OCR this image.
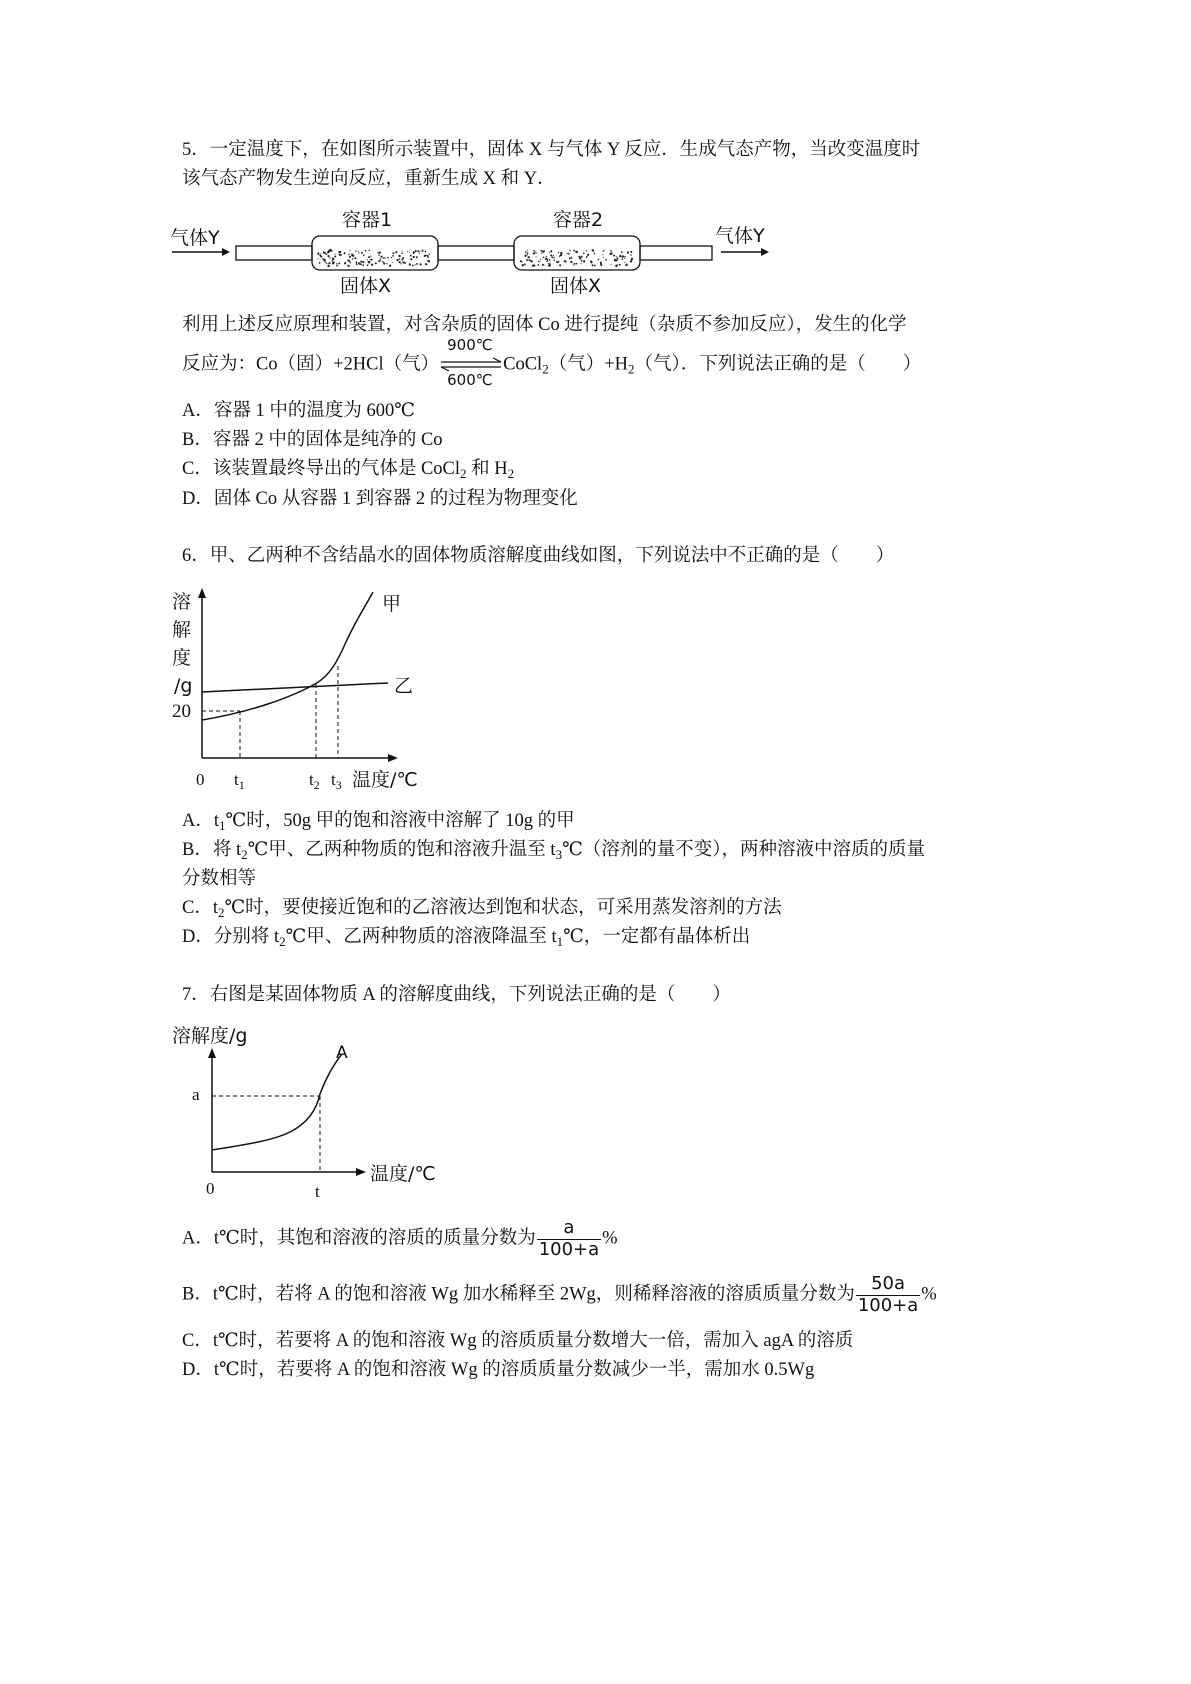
5．一定温度下，在如图所示装置中，固体 X 与气体 Y 反应．生成气态产物，当改变温度时
该气态产物发生逆向反应，重新生成 X 和 Y．
气体Y
容器1	容器2
固体X	固体X
气体Y
利用上述反应原理和装置，对含杂质的固体 Co 进行提纯（杂质不参加反应），发生的化学
反应为：Co（固）+2HCl（气）
900℃
600℃
CoCl$_2$（气）$+H_2$（气）．下列说法正确的是（　　）
A．容器 1 中的温度为 600℃
B．容器 2 中的固体是纯净的 Co
C．该装置最终导出的气体是 CoCl$_2$ 和 $H_2$
D．固体 Co 从容器 1 到容器 2 的过程为物理变化
6．甲、乙两种不含结晶水的固体物质溶解度曲线如图，下列说法中不正确的是（　　）
溶
解
度
/g
20
甲
乙
0 $t_1$	$t_2$ $t_3$ 温度/℃
A．$t_1℃$时，50g 甲的饱和溶液中溶解了 10g 的甲
B．将 $t_2℃$甲、乙两种物质的饱和溶液升温至 $t_3℃$（溶剂的量不变），两种溶液中溶质的质量
分数相等
C．$t_2℃$时，要使接近饱和的乙溶液达到饱和状态，可采用蒸发溶剂的方法
D．分别将 $t_2℃$甲、乙两种物质的溶液降温至 $t_1℃$，一定都有晶体析出
7．右图是某固体物质 A 的溶解度曲线，下列说法正确的是（　　）
溶解度/g
A
a
0	t
温度/℃
A．t℃时，其饱和溶液的溶质的质量分数为 $\frac{a}{100+a}$ %
B．t℃时，若将 A 的饱和溶液 Wg 加水稀释至 2Wg，则稀释溶液的溶质质量分数为 $\frac{50a}{100+a}$ %
C．t℃时，若要将 A 的饱和溶液 Wg 的溶质质量分数增大一倍，需加入 agA 的溶质
D．t℃时，若要将 A 的饱和溶液 Wg 的溶质质量分数减少一半，需加水 0.5Wg
